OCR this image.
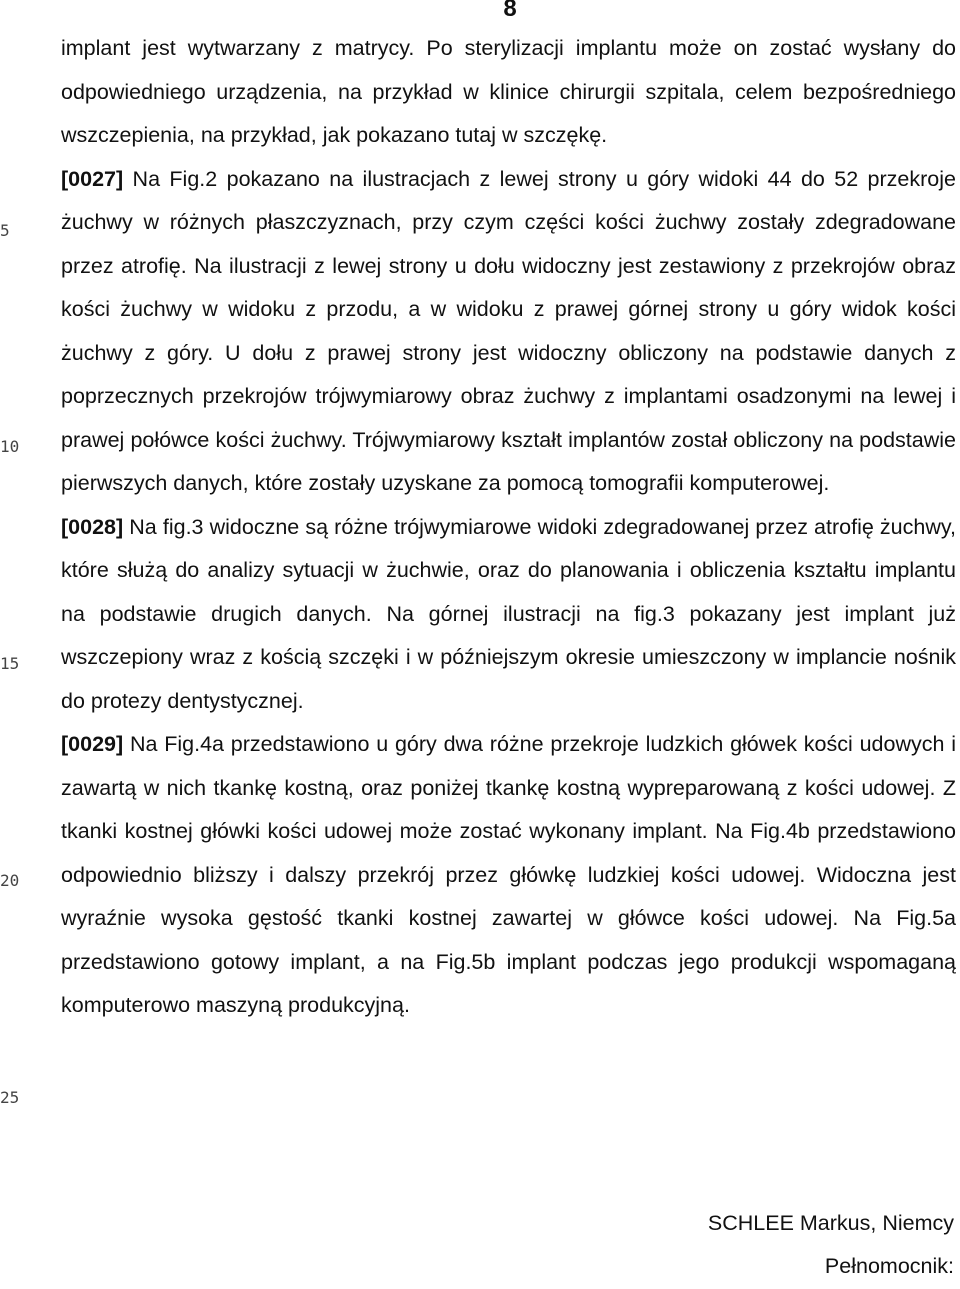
8
5
10
15
20
25

implant jest wytwarzany z matrycy. Po sterylizacji implantu może on zostać wysłany do odpowiedniego urządzenia, na przykład w klinice chirurgii szpitala, celem bezpośredniego wszczepienia, na przykład, jak pokazano tutaj w szczękę.

[0027] Na Fig.2 pokazano na ilustracjach z lewej strony u góry widoki 44 do 52 przekroje żuchwy w różnych płaszczyznach, przy czym części kości żuchwy zostały zdegradowane przez atrofię. Na ilustracji z lewej strony u dołu widoczny jest zestawiony z przekrojów obraz kości żuchwy w widoku z przodu, a w widoku z prawej górnej strony u góry widok kości żuchwy z góry. U dołu z prawej strony jest widoczny obliczony na podstawie danych z poprzecznych przekrojów trójwymiarowy obraz żuchwy z implantami osadzonymi na lewej i prawej połówce kości żuchwy. Trójwymiarowy kształt implantów został obliczony na podstawie pierwszych danych, które zostały uzyskane za pomocą tomografii komputerowej.

[0028] Na fig.3 widoczne są różne trójwymiarowe widoki zdegradowanej przez atrofię żuchwy, które służą do analizy sytuacji w żuchwie, oraz do planowania i obliczenia kształtu implantu na podstawie drugich danych. Na górnej ilustracji na fig.3 pokazany jest implant już wszczepiony wraz z kością szczęki i w późniejszym okresie umieszczony w implancie nośnik do protezy dentystycznej.

[0029] Na Fig.4a przedstawiono u góry dwa różne przekroje ludzkich główek kości udowych i zawartą w nich tkankę kostną, oraz poniżej tkankę kostną wypreparowaną z kości udowej. Z tkanki kostnej główki kości udowej może zostać wykonany implant. Na Fig.4b przedstawiono odpowiednio bliższy i dalszy przekrój przez główkę ludzkiej kości udowej. Widoczna jest wyraźnie wysoka gęstość tkanki kostnej zawartej w główce kości udowej. Na Fig.5a przedstawiono gotowy implant, a na Fig.5b implant podczas jego produkcji wspomaganą komputerowo maszyną produkcyjną.

SCHLEE Markus, Niemcy
Pełnomocnik:
